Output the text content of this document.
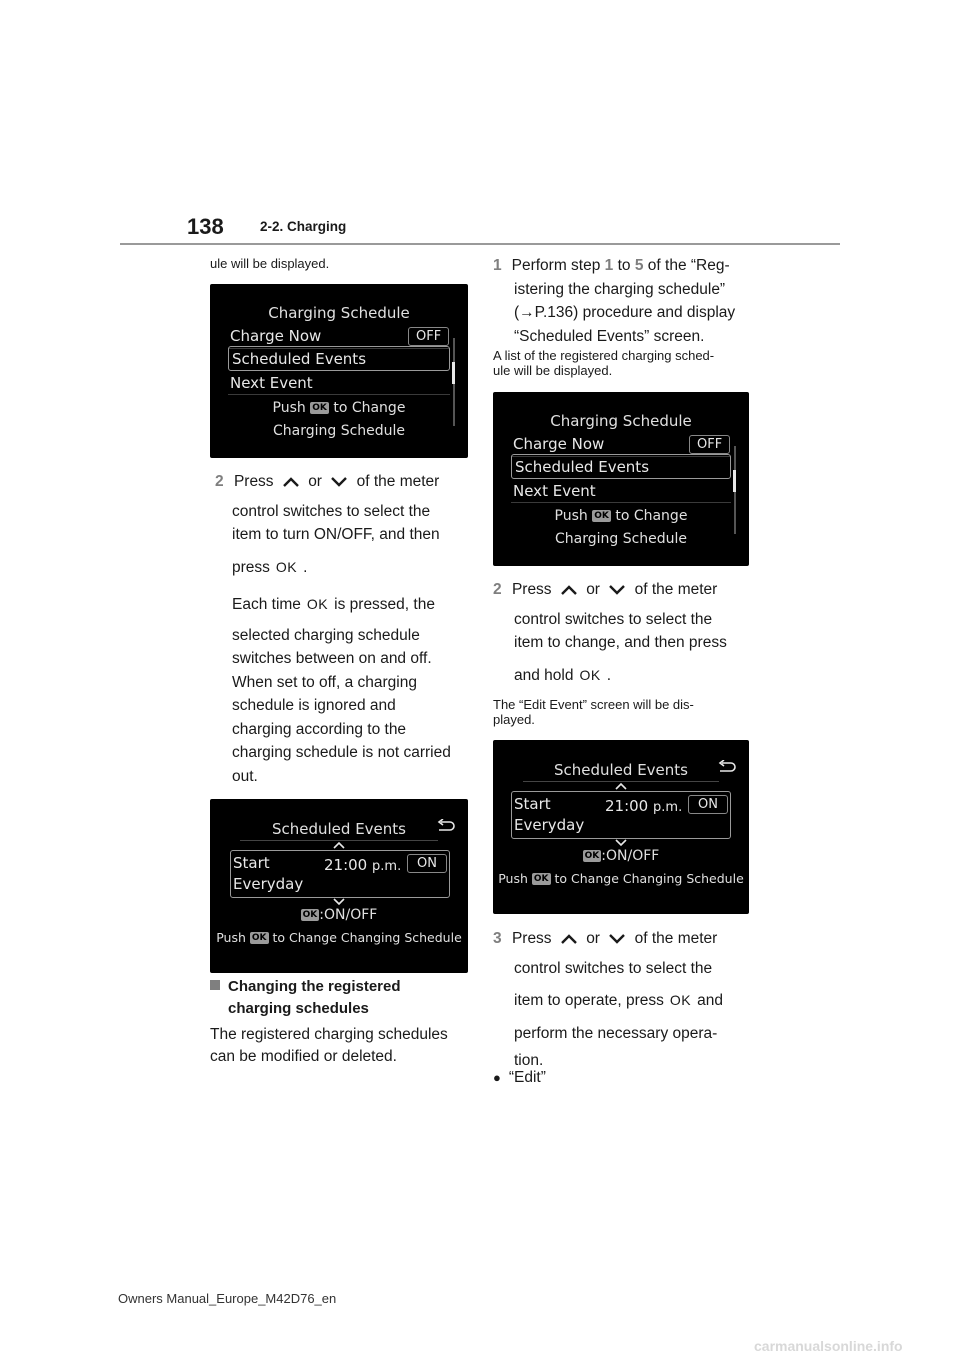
138	2-2. Charging
ule will be displayed.
Charging Schedule
Charge Now	OFF
Scheduled Events
Next Event
Push OK to Change
Charging Schedule
2 Press or of the meter
control switches to select the
item to turn ON/OFF, and then
press OK .
Each time OK is pressed, the
selected charging schedule
switches between on and off.
When set to off, a charging
schedule is ignored and
charging according to the
charging schedule is not carried
out.
Scheduled Events
Start	21:00 p.m.	ON
Everyday
OK :ON/OFF
Push OK to Change Changing Schedule
Changing the registered
charging schedules
The registered charging schedules
can be modified or deleted.
1 Perform step 1 to 5 of the “Reg-
istering the charging schedule”
(→P.136) procedure and display
“Scheduled Events” screen.
A list of the registered charging sched-
ule will be displayed.
Charging Schedule
Charge Now	OFF
Scheduled Events
Next Event
Push OK to Change
Charging Schedule
2 Press or of the meter
control switches to select the
item to change, and then press
and hold OK .
The “Edit Event” screen will be dis-
played.
Scheduled Events
Start	21:00 p.m.	ON
Everyday
OK :ON/OFF
Push OK to Change Changing Schedule
3 Press or of the meter
control switches to select the
item to operate, press OK and
perform the necessary opera-
tion.
● “Edit”
Owners Manual_Europe_M42D76_en
carmanualsonline.info
